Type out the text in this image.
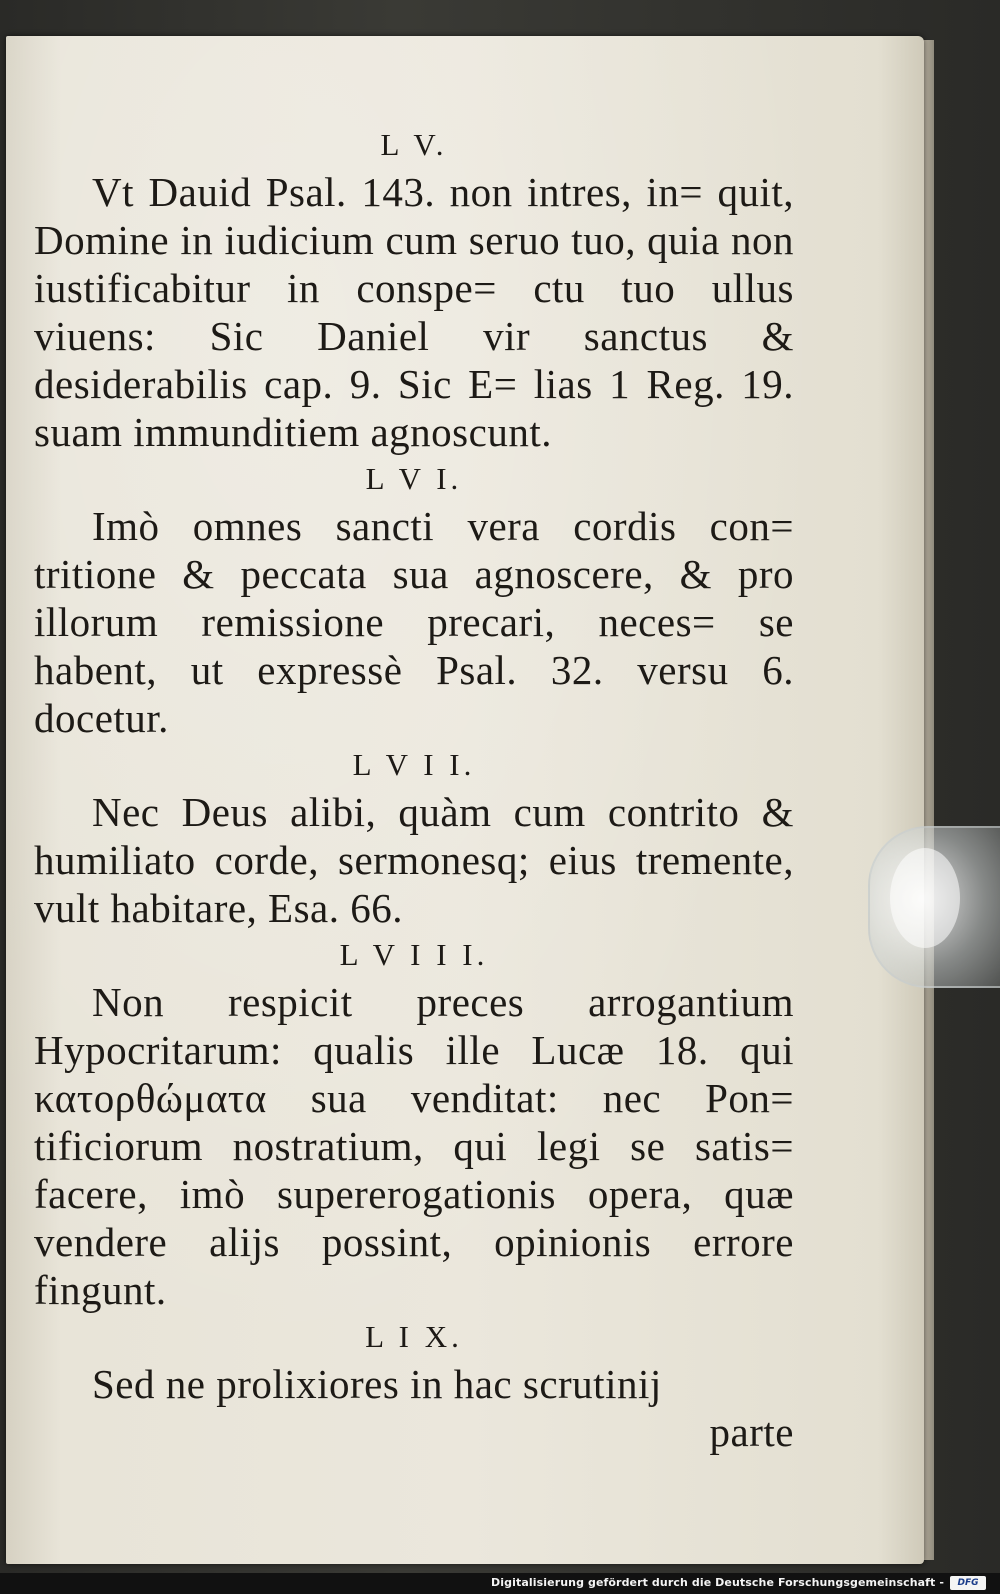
L V.

Vt Dauid Psal. 143. non intres, in= quit, Domine in iudicium cum seruo tuo, quia non iustificabitur in conspe= ctu tuo ullus viuens: Sic Daniel vir sanctus & desiderabilis cap. 9. Sic E= lias 1 Reg. 19. suam immunditiem agnoscunt.

L V I.

Imò omnes sancti vera cordis con= tritione & peccata sua agnoscere, & pro illorum remissione precari, neces= se habent, ut expressè Psal. 32. versu 6. docetur.

L V I I.

Nec Deus alibi, quàm cum contrito & humiliato corde, sermonesq; eius tremente, vult habitare, Esa. 66.

L V I I I.

Non respicit preces arrogantium Hypocritarum: qualis ille Lucæ 18. qui κατορθώματα sua venditat: nec Pon= tificiorum nostratium, qui legi se satis= facere, imò supererogationis opera, quæ vendere alijs possint, opinionis errore fingunt.

L I X.

Sed ne prolixiores in hac scrutinij

parte

Digitalisierung gefördert durch die Deutsche Forschungsgemeinschaft -	DFG
